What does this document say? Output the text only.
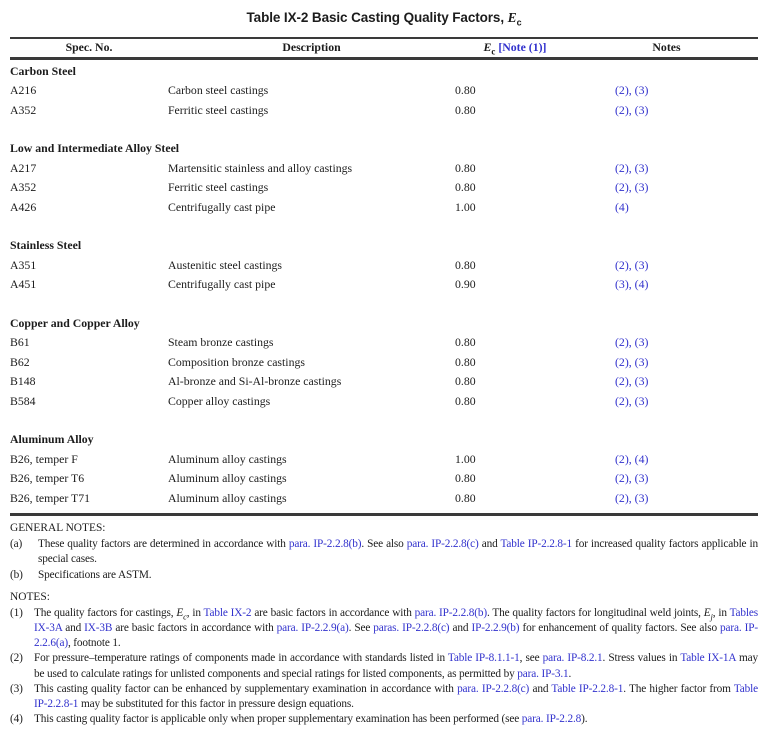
Table IX-2 Basic Casting Quality Factors, $E_c$
Spec. No.	Description	$E_c$ [Note (1)]	Notes
Carbon Steel
A216	Carbon steel castings	0.80	(2), (3)
A352	Ferritic steel castings	0.80	(2), (3)
Low and Intermediate Alloy Steel
A217	Martensitic stainless and alloy castings	0.80	(2), (3)
A352	Ferritic steel castings	0.80	(2), (3)
A426	Centrifugally cast pipe	1.00	(4)
Stainless Steel
A351	Austenitic steel castings	0.80	(2), (3)
A451	Centrifugally cast pipe	0.90	(3), (4)
Copper and Copper Alloy
B61	Steam bronze castings	0.80	(2), (3)
B62	Composition bronze castings	0.80	(2), (3)
B148	Al-bronze and Si-Al-bronze castings	0.80	(2), (3)
B584	Copper alloy castings	0.80	(2), (3)
Aluminum Alloy
B26, temper F	Aluminum alloy castings	1.00	(2), (4)
B26, temper T6	Aluminum alloy castings	0.80	(2), (3)
B26, temper T71	Aluminum alloy castings	0.80	(2), (3)
GENERAL NOTES:
(a)	These quality factors are determined in accordance with para. IP-2.2.8(b). See also para. IP-2.2.8(c) and Table IP-2.2.8-1 for increased quality factors applicable in special cases.
(b)	Specifications are ASTM.
NOTES:
(1) The quality factors for castings, $E_c$, in Table IX-2 are basic factors in accordance with para. IP-2.2.8(b). The quality factors for longitudinal weld joints, $E_j$, in Tables IX-3A and IX-3B are basic factors in accordance with para. IP-2.2.9(a). See paras. IP-2.2.8(c) and IP-2.2.9(b) for enhancement of quality factors. See also para. IP-2.2.6(a), footnote 1.
(2) For pressure–temperature ratings of components made in accordance with standards listed in Table IP-8.1.1-1, see para. IP-8.2.1. Stress values in Table IX-1A may be used to calculate ratings for unlisted components and special ratings for listed components, as permitted by para. IP-3.1.
(3) This casting quality factor can be enhanced by supplementary examination in accordance with para. IP-2.2.8(c) and Table IP-2.2.8-1. The higher factor from Table IP-2.2.8-1 may be substituted for this factor in pressure design equations.
(4) This casting quality factor is applicable only when proper supplementary examination has been performed (see para. IP-2.2.8).
